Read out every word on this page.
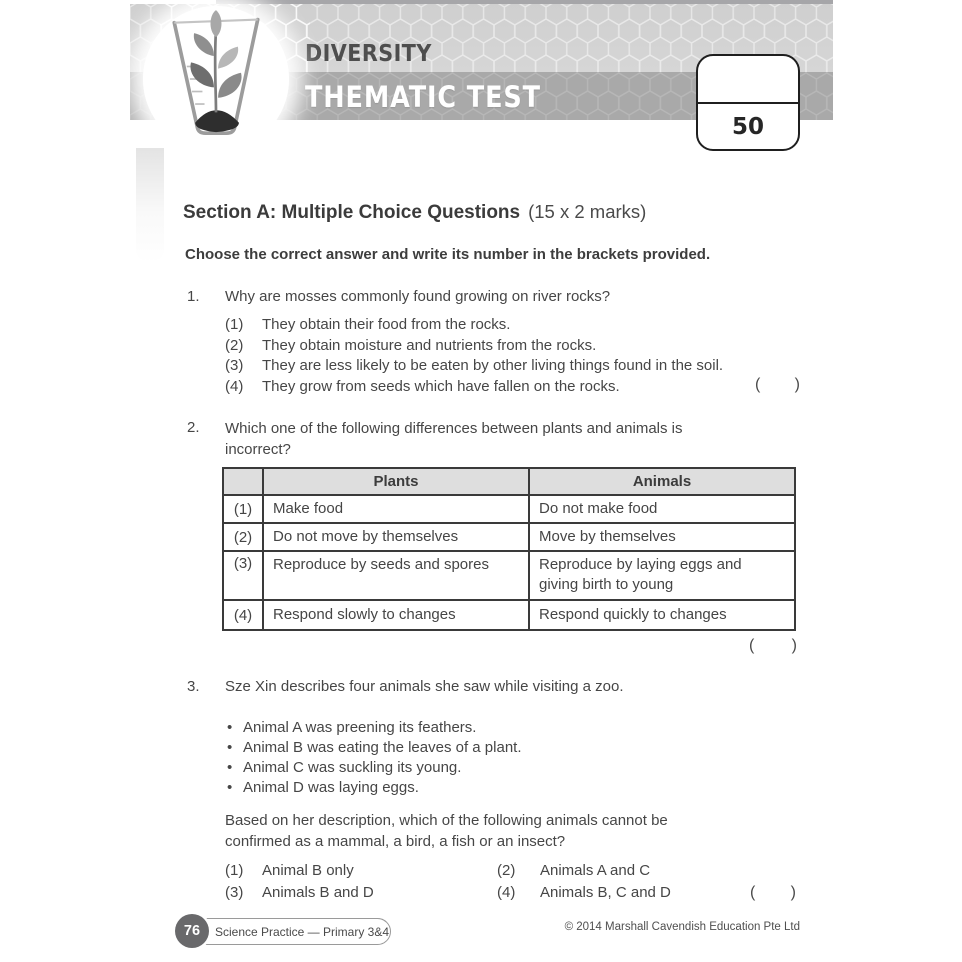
DIVERSITY
THEMATIC TEST
50
Section A: Multiple Choice Questions (15 x 2 marks)
Choose the correct answer and write its number in the brackets provided.
1. Why are mosses commonly found growing on river rocks?
(1)	They obtain their food from the rocks.
(2)	They obtain moisture and nutrients from the rocks.
(3)	They are less likely to be eaten by other living things found in the soil.
(4)	They grow from seeds which have fallen on the rocks.	( )
2. Which one of the following differences between plants and animals is
incorrect?
Plants	Animals
(1)	Make food	Do not make food
(2)	Do not move by themselves	Move by themselves
(3)	Reproduce by seeds and spores	Reproduce by laying eggs and giving birth to young
(4)	Respond slowly to changes	Respond quickly to changes
( )
3. Sze Xin describes four animals she saw while visiting a zoo.
• Animal A was preening its feathers.
• Animal B was eating the leaves of a plant.
• Animal C was suckling its young.
• Animal D was laying eggs.
Based on her description, which of the following animals cannot be
confirmed as a mammal, a bird, a fish or an insect?
(1) Animal B only	(2) Animals A and C
(3) Animals B and D	(4) Animals B, C and D	( )
Science Practice — Primary 3&4
76	© 2014 Marshall Cavendish Education Pte Ltd
